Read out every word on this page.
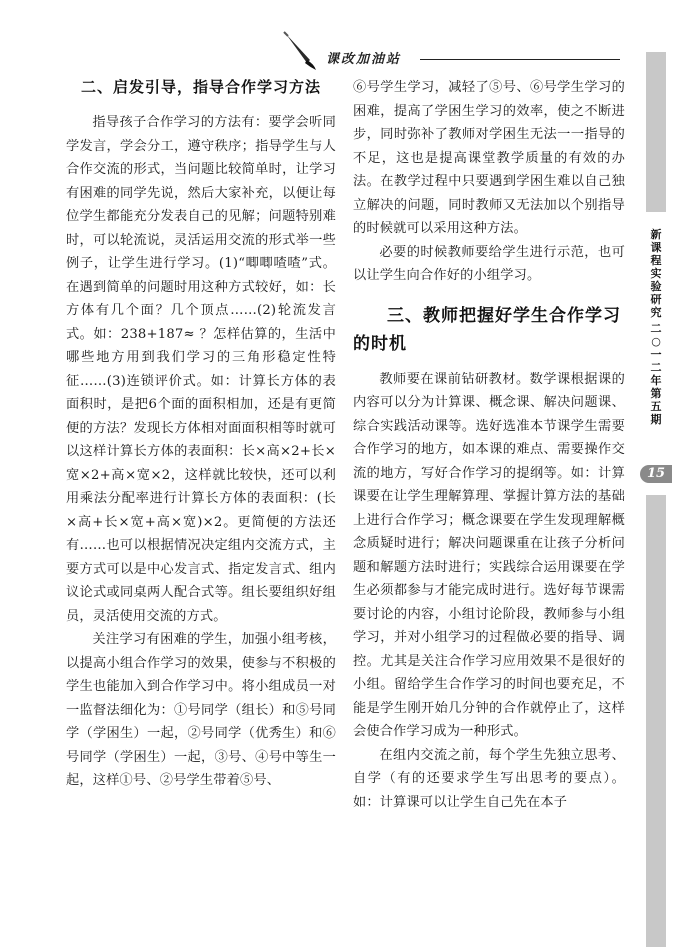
课改加油站
二、启发引导，指导合作学习方法

指导孩子合作学习的方法有：要学会听同学发言，学会分工，遵守秩序；指导学生与人合作交流的形式，当问题比较简单时，让学习有困难的同学先说，然后大家补充，以便让每位学生都能充分发表自己的见解；问题特别难时，可以轮流说，灵活运用交流的形式举一些例子，让学生进行学习。(1)“唧唧喳喳”式。在遇到简单的问题时用这种方式较好，如：长方体有几个面？几个顶点……(2)轮流发言式。如：238+187≈ ？怎样估算的，生活中哪些地方用到我们学习的三角形稳定性特征……(3)连锁评价式。如：计算长方体的表面积时，是把6个面的面积相加，还是有更简便的方法？发现长方体相对面面积相等时就可以这样计算长方体的表面积：长×高×2+长×宽×2+高×宽×2，这样就比较快，还可以利用乘法分配率进行计算长方体的表面积：(长×高+长×宽+高×宽)×2。更简便的方法还有……也可以根据情况决定组内交流方式，主要方式可以是中心发言式、指定发言式、组内议论式或同桌两人配合式等。组长要组织好组员，灵活使用交流的方式。

关注学习有困难的学生，加强小组考核，以提高小组合作学习的效果，使参与不积极的学生也能加入到合作学习中。将小组成员一对一监督法细化为：①号同学（组长）和⑤号同学（学困生）一起，②号同学（优秀生）和⑥号同学（学困生）一起，③号、④号中等生一起，这样①号、②号学生带着⑤号、

⑥号学生学习，减轻了⑤号、⑥号学生学习的困难，提高了学困生学习的效率，使之不断进步，同时弥补了教师对学困生无法一一指导的不足，这也是提高课堂教学质量的有效的办法。在教学过程中只要遇到学困生难以自己独立解决的问题，同时教师又无法加以个别指导的时候就可以采用这种方法。

必要的时候教师要给学生进行示范，也可以让学生向合作好的小组学习。

三、教师把握好学生合作学习的时机

教师要在课前钻研教材。数学课根据课的内容可以分为计算课、概念课、解决问题课、综合实践活动课等。选好选准本节课学生需要合作学习的地方，如本课的难点、需要操作交流的地方，写好合作学习的提纲等。如：计算课要在让学生理解算理、掌握计算方法的基础上进行合作学习；概念课要在学生发现理解概念质疑时进行；解决问题课重在让孩子分析问题和解题方法时进行；实践综合运用课要在学生必须都参与才能完成时进行。选好每节课需要讨论的内容，小组讨论阶段，教师参与小组学习，并对小组学习的过程做必要的指导、调控。尤其是关注合作学习应用效果不是很好的小组。留给学生合作学习的时间也要充足，不能是学生刚开始几分钟的合作就停止了，这样会使合作学习成为一种形式。

在组内交流之前，每个学生先独立思考、自学（有的还要求学生写出思考的要点）。如：计算课可以让学生自己先在本子

新课程实验研究
二○一二年第五期
15
